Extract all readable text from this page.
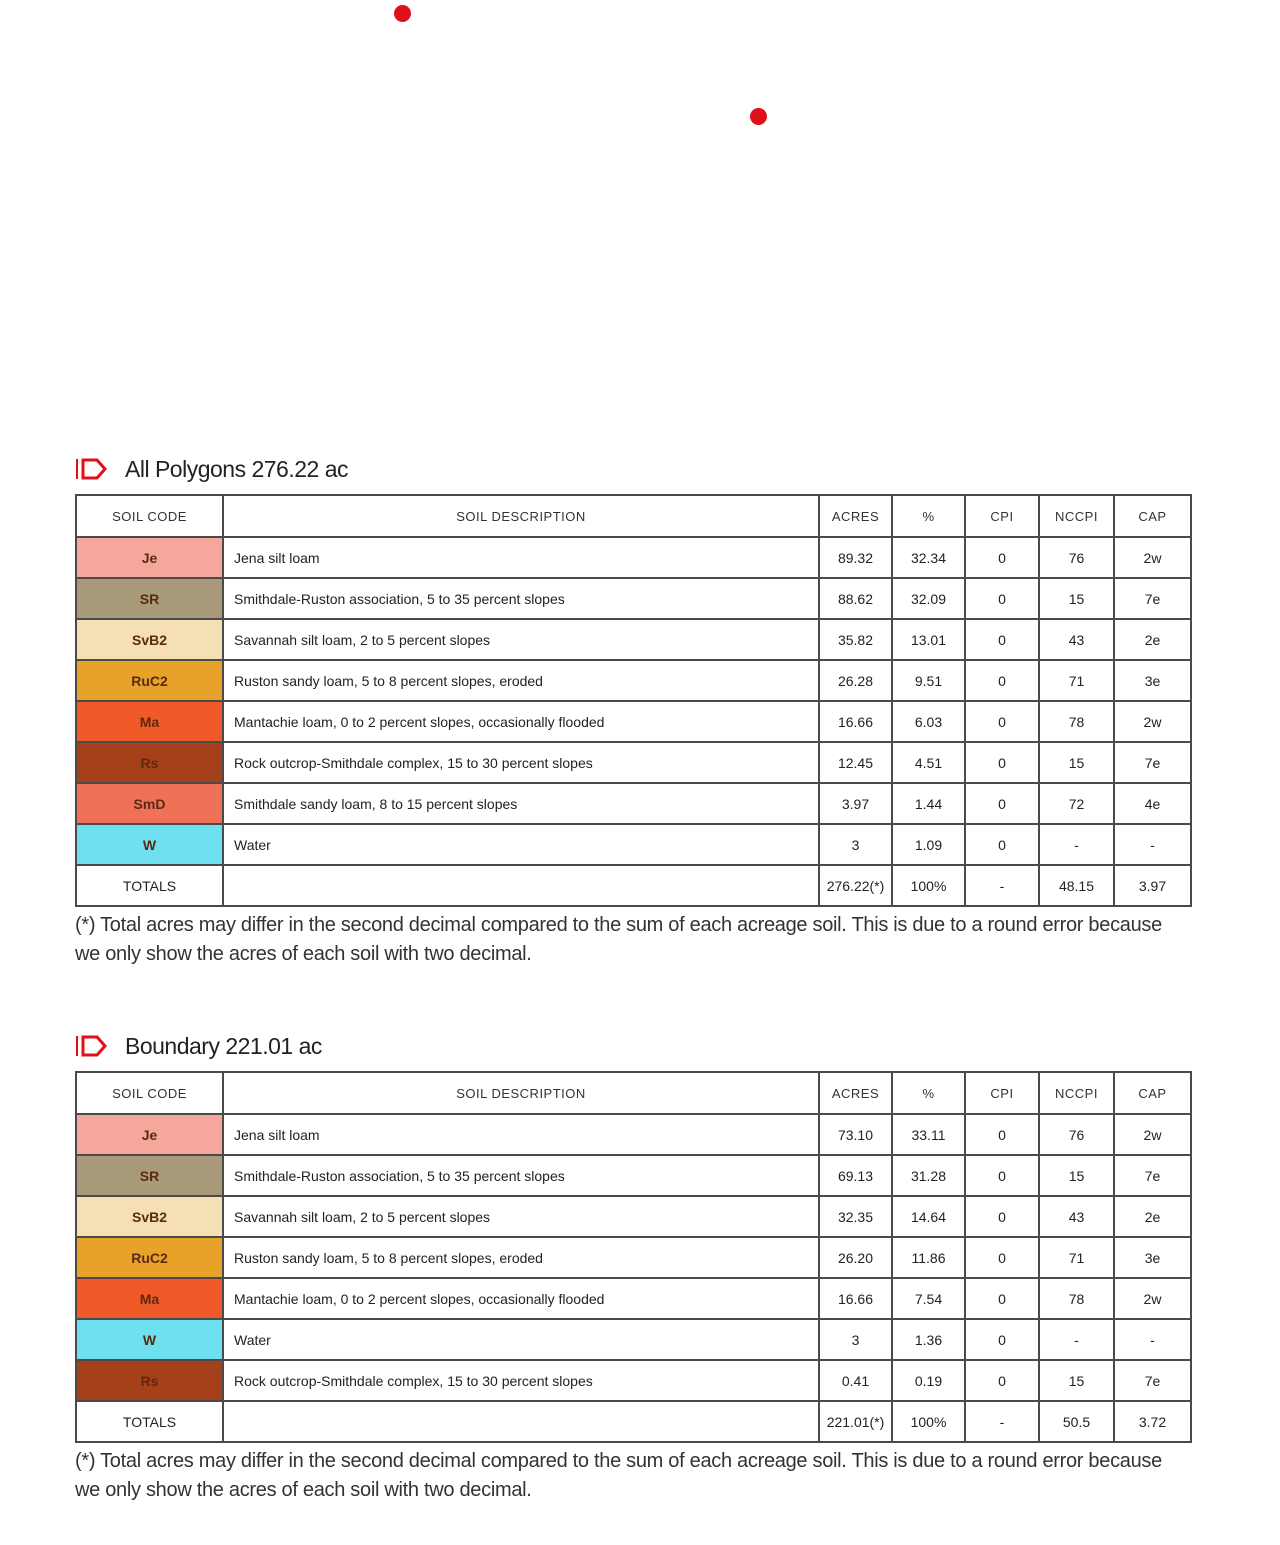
All Polygons 276.22 ac
SOIL CODE	SOIL DESCRIPTION	ACRES	%	CPI	NCCPI	CAP
Je	Jena silt loam	89.32	32.34	0	76	2w
SR	Smithdale-Ruston association, 5 to 35 percent slopes	88.62	32.09	0	15	7e
SvB2	Savannah silt loam, 2 to 5 percent slopes	35.82	13.01	0	43	2e
RuC2	Ruston sandy loam, 5 to 8 percent slopes, eroded	26.28	9.51	0	71	3e
Ma	Mantachie loam, 0 to 2 percent slopes, occasionally flooded	16.66	6.03	0	78	2w
Rs	Rock outcrop-Smithdale complex, 15 to 30 percent slopes	12.45	4.51	0	15	7e
SmD	Smithdale sandy loam, 8 to 15 percent slopes	3.97	1.44	0	72	4e
W	Water	3	1.09	0	-	-
TOTALS		276.22(*)	100%	-	48.15	3.97
(*) Total acres may differ in the second decimal compared to the sum of each acreage soil. This is due to a round error because we only show the acres of each soil with two decimal.
Boundary 221.01 ac
SOIL CODE	SOIL DESCRIPTION	ACRES	%	CPI	NCCPI	CAP
Je	Jena silt loam	73.10	33.11	0	76	2w
SR	Smithdale-Ruston association, 5 to 35 percent slopes	69.13	31.28	0	15	7e
SvB2	Savannah silt loam, 2 to 5 percent slopes	32.35	14.64	0	43	2e
RuC2	Ruston sandy loam, 5 to 8 percent slopes, eroded	26.20	11.86	0	71	3e
Ma	Mantachie loam, 0 to 2 percent slopes, occasionally flooded	16.66	7.54	0	78	2w
W	Water	3	1.36	0	-	-
Rs	Rock outcrop-Smithdale complex, 15 to 30 percent slopes	0.41	0.19	0	15	7e
TOTALS		221.01(*)	100%	-	50.5	3.72
(*) Total acres may differ in the second decimal compared to the sum of each acreage soil. This is due to a round error because we only show the acres of each soil with two decimal.
